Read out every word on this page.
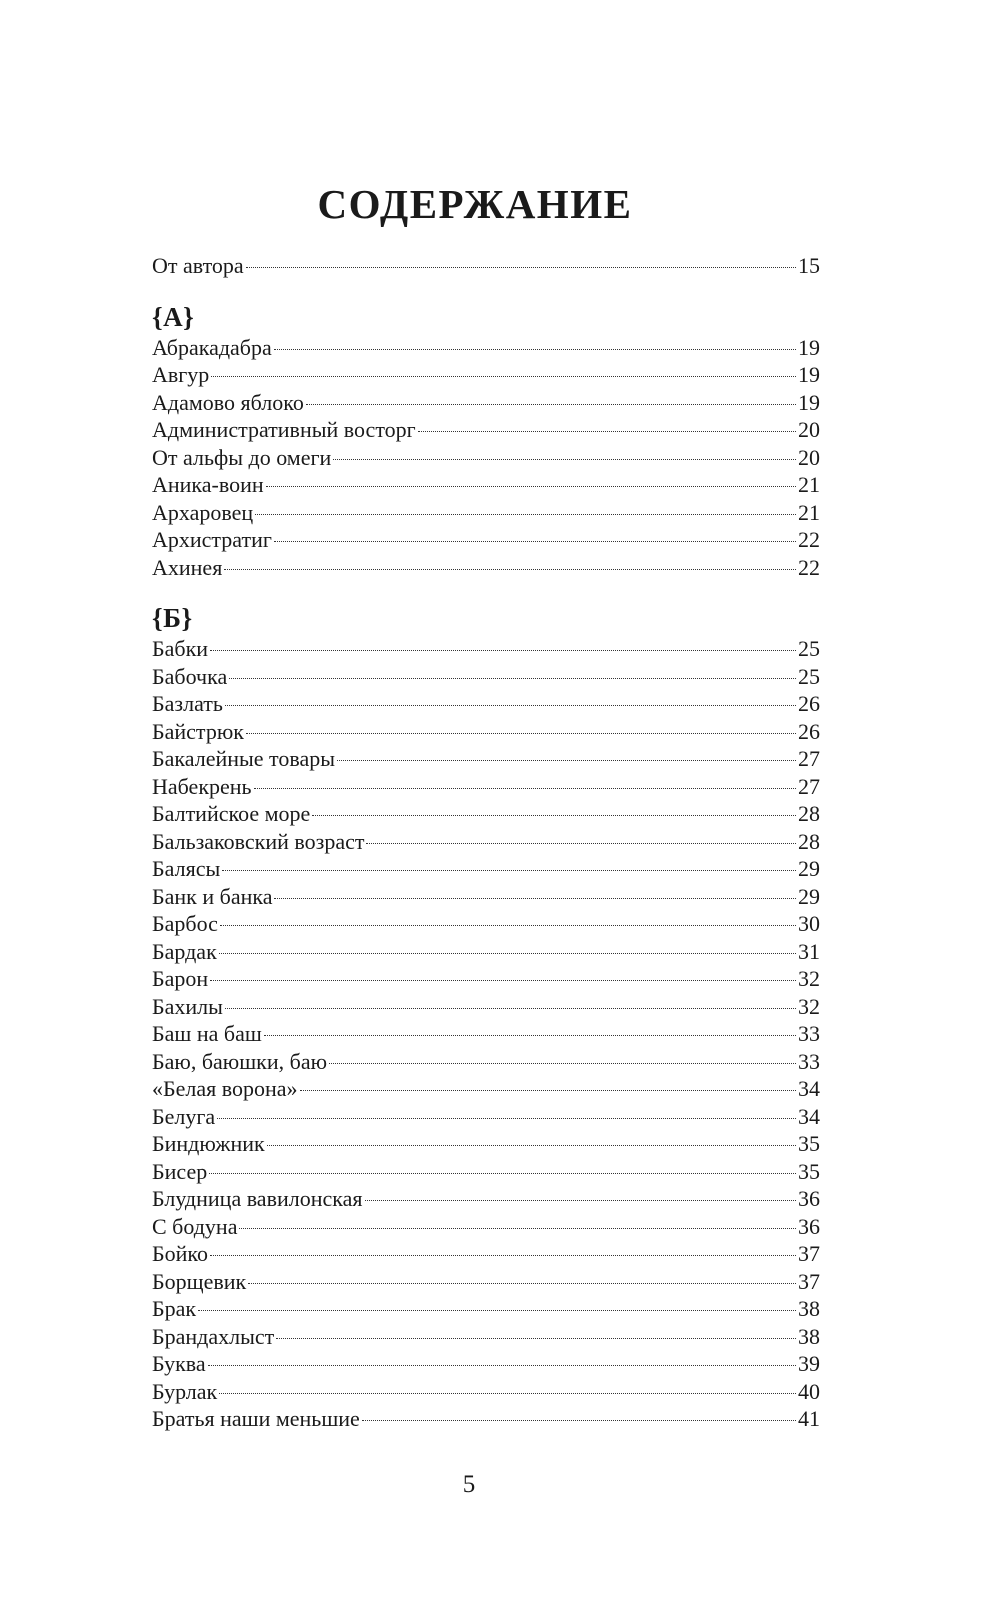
СОДЕРЖАНИЕ
От автора	15
{А}
Абракадабра	19
Авгур	19
Адамово яблоко	19
Административный восторг	20
От альфы до омеги	20
Аника-воин	21
Архаровец	21
Архистратиг	22
Ахинея	22
{Б}
Бабки	25
Бабочка	25
Базлать	26
Байстрюк	26
Бакалейные товары	27
Набекрень	27
Балтийское море	28
Бальзаковский возраст	28
Балясы	29
Банк и банка	29
Барбос	30
Бардак	31
Барон	32
Бахилы	32
Баш на баш	33
Баю, баюшки, баю	33
«Белая ворона»	34
Белуга	34
Биндюжник	35
Бисер	35
Блудница вавилонская	36
С бодуна	36
Бойко	37
Борщевик	37
Брак	38
Брандахлыст	38
Буква	39
Бурлак	40
Братья наши меньшие	41
5
